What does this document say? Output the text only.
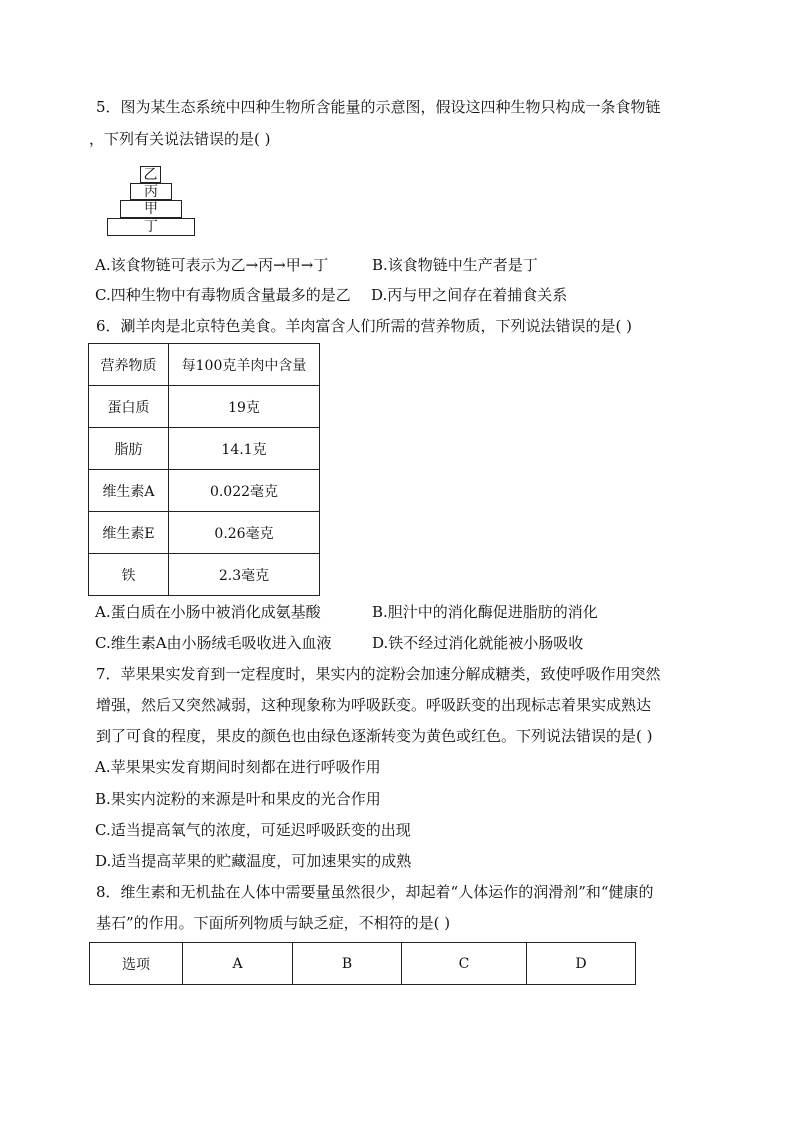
5．图为某生态系统中四种生物所含能量的示意图，假设这四种生物只构成一条食物链
，下列有关说法错误的是( )
乙
丙
甲
丁
A.该食物链可表示为乙→丙→甲→丁	B.该食物链中生产者是丁
C.四种生物中有毒物质含量最多的是乙 D.丙与甲之间存在着捕食关系
6．涮羊肉是北京特色美食。羊肉富含人们所需的营养物质，下列说法错误的是( )
营养物质	每100克羊肉中含量
蛋白质	19克
脂肪	14.1克
维生素A	0.022毫克
维生素E	0.26毫克
铁	2.3毫克
A.蛋白质在小肠中被消化成氨基酸	B.胆汁中的消化酶促进脂肪的消化
C.维生素A由小肠绒毛吸收进入血液	D.铁不经过消化就能被小肠吸收
7．苹果果实发育到一定程度时，果实内的淀粉会加速分解成糖类，致使呼吸作用突然
增强，然后又突然减弱，这种现象称为呼吸跃变。呼吸跃变的出现标志着果实成熟达
到了可食的程度，果皮的颜色也由绿色逐渐转变为黄色或红色。下列说法错误的是( )
A.苹果果实发育期间时刻都在进行呼吸作用
B.果实内淀粉的来源是叶和果皮的光合作用
C.适当提高氧气的浓度，可延迟呼吸跃变的出现
D.适当提高苹果的贮藏温度，可加速果实的成熟
8．维生素和无机盐在人体中需要量虽然很少，却起着“人体运作的润滑剂”和“健康的
基石”的作用。下面所列物质与缺乏症，不相符的是( )
选项	A	B	C	D
